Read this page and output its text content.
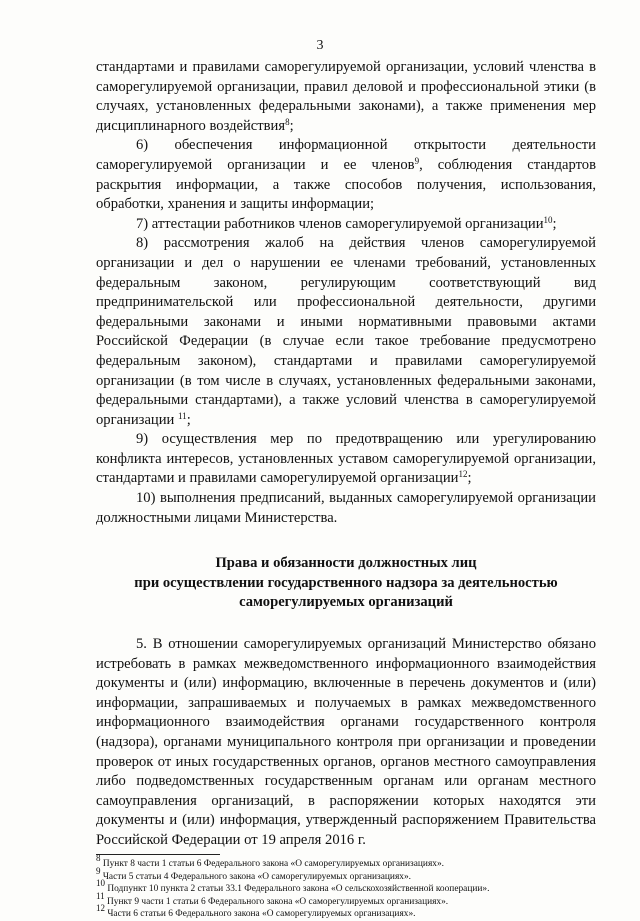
3

стандартами и правилами саморегулируемой организации, условий членства в саморегулируемой организации, правил деловой и профессиональной этики (в случаях, установленных федеральными законами), а также применения мер дисциплинарного воздействия$^8$;

6) обеспечения информационной открытости деятельности саморегулируемой организации и ее членов$^9$, соблюдения стандартов раскрытия информации, а также способов получения, использования, обработки, хранения и защиты информации;

7) аттестации работников членов саморегулируемой организации$^{10}$;

8) рассмотрения жалоб на действия членов саморегулируемой организации и дел о нарушении ее членами требований, установленных федеральным законом, регулирующим соответствующий вид предпринимательской или профессиональной деятельности, другими федеральными законами и иными нормативными правовыми актами Российской Федерации (в случае если такое требование предусмотрено федеральным законом), стандартами и правилами саморегулируемой организации (в том числе в случаях, установленных федеральными законами, федеральными стандартами), а также условий членства в саморегулируемой организации $^{11}$;

9) осуществления мер по предотвращению или урегулированию конфликта интересов, установленных уставом саморегулируемой организации, стандартами и правилами саморегулируемой организации$^{12}$;

10) выполнения предписаний, выданных саморегулируемой организации должностными лицами Министерства.

Права и обязанности должностных лиц
при осуществлении государственного надзора за деятельностью
саморегулируемых организаций

5. В отношении саморегулируемых организаций Министерство обязано истребовать в рамках межведомственного информационного взаимодействия документы и (или) информацию, включенные в перечень документов и (или) информации, запрашиваемых и получаемых в рамках межведомственного информационного взаимодействия органами государственного контроля (надзора), органами муниципального контроля при организации и проведении проверок от иных государственных органов, органов местного самоуправления либо подведомственных государственным органам или органам местного самоуправления организаций, в распоряжении которых находятся эти документы и (или) информация, утвержденный распоряжением Правительства Российской Федерации от 19 апреля 2016 г.

$^8$ Пункт 8 части 1 статьи 6 Федерального закона «О саморегулируемых организациях».
$^9$ Части 5 статьи 4 Федерального закона «О саморегулируемых организациях».
$^{10}$ Подпункт 10 пункта 2 статьи 33.1 Федерального закона «О сельскохозяйственной кооперации».
$^{11}$ Пункт 9 части 1 статьи 6 Федерального закона «О саморегулируемых организациях».
$^{12}$ Части 6 статьи 6 Федерального закона «О саморегулируемых организациях».
